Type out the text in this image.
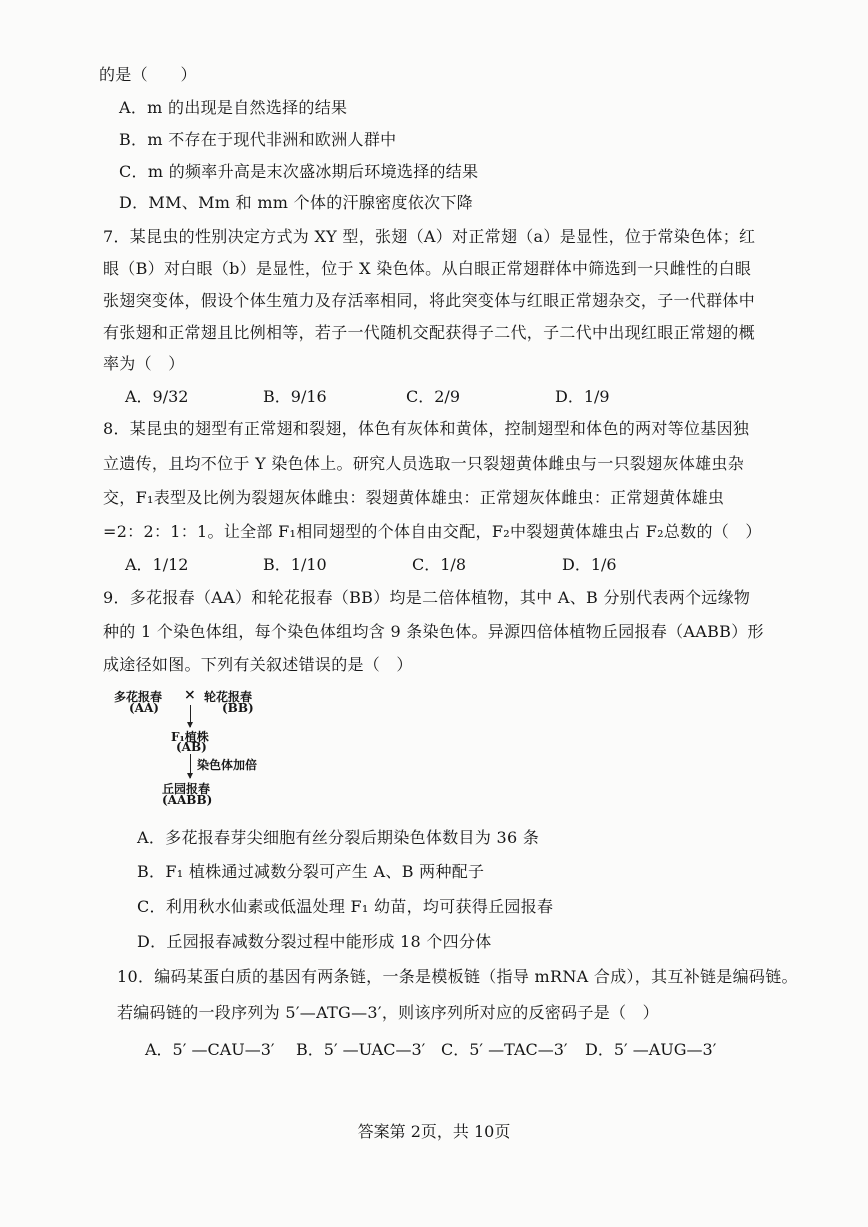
的是（　　）
A．m 的出现是自然选择的结果
B．m 不存在于现代非洲和欧洲人群中
C．m 的频率升高是末次盛冰期后环境选择的结果
D．MM、Mm 和 mm 个体的汗腺密度依次下降
7．某昆虫的性别决定方式为 XY 型，张翅（A）对正常翅（a）是显性，位于常染色体；红
眼（B）对白眼（b）是显性，位于 X 染色体。从白眼正常翅群体中筛选到一只雌性的白眼
张翅突变体，假设个体生殖力及存活率相同，将此突变体与红眼正常翅杂交，子一代群体中
有张翅和正常翅且比例相等，若子一代随机交配获得子二代，子二代中出现红眼正常翅的概
率为（　）
A．9/32	B．9/16	C．2/9	D．1/9
8．某昆虫的翅型有正常翅和裂翅，体色有灰体和黄体，控制翅型和体色的两对等位基因独
立遗传，且均不位于 Y 染色体上。研究人员选取一只裂翅黄体雌虫与一只裂翅灰体雄虫杂
交，F₁表型及比例为裂翅灰体雌虫：裂翅黄体雄虫：正常翅灰体雌虫：正常翅黄体雄虫
=2：2：1：1。让全部 F₁相同翅型的个体自由交配，F₂中裂翅黄体雄虫占 F₂总数的（　）
A．1/12	B．1/10	C．1/8	D．1/6
9．多花报春（AA）和轮花报春（BB）均是二倍体植物，其中 A、B 分别代表两个远缘物
种的 1 个染色体组，每个染色体组均含 9 条染色体。异源四倍体植物丘园报春（AABB）形
成途径如图。下列有关叙述错误的是（　）
多花报春 × 轮花报春
(AA)	(BB)
F₁植株
(AB)
染色体加倍
丘园报春
(AABB)
A．多花报春芽尖细胞有丝分裂后期染色体数目为 36 条
B．F₁ 植株通过减数分裂可产生 A、B 两种配子
C．利用秋水仙素或低温处理 F₁ 幼苗，均可获得丘园报春
D．丘园报春减数分裂过程中能形成 18 个四分体
10．编码某蛋白质的基因有两条链，一条是模板链（指导 mRNA 合成），其互补链是编码链。
若编码链的一段序列为 5′—ATG—3′，则该序列所对应的反密码子是（　）
A．5′ —CAU—3′ B．5′ —UAC—3′ C．5′ —TAC—3′ D．5′ —AUG—3′
答案第 2页，共 10页
